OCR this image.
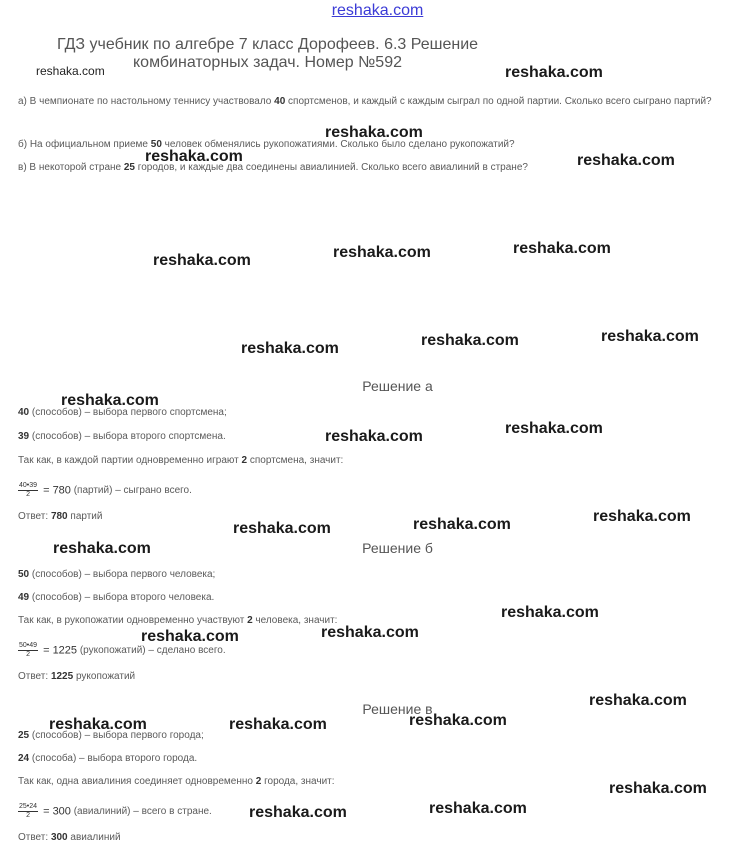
reshaka.com
ГДЗ учебник по алгебре 7 класс Дорофеев. 6.3 Решение
комбинаторных задач. Номер №592
а) В чемпионате по настольному теннису участвовало 40 спортсменов, и каждый с каждым сыграл по одной партии. Сколько всего сыграно партий?
б) На официальном приеме 50 человек обменялись рукопожатиями. Сколько было сделано рукопожатий?
в) В некоторой стране 25 городов, и каждые два соединены авиалинией. Сколько всего авиалиний в стране?
Решение а
40 (способов) – выбора первого спортсмена;
39 (способов) – выбора второго спортсмена.
Так как, в каждой партии одновременно играют 2 спортсмена, значит:
$\frac{40•39}{2} = 780$ (партий) – сыграно всего.
Ответ: 780 партий
Решение б
50 (способов) – выбора первого человека;
49 (способов) – выбора второго человека.
Так как, в рукопожатии одновременно участвуют 2 человека, значит:
$\frac{50•49}{2} = 1225$ (рукопожатий) – сделано всего.
Ответ: 1225 рукопожатий
Решение в
25 (способов) – выбора первого города;
24 (способа) – выбора второго города.
Так как, одна авиалиния соединяет одновременно 2 города, значит:
$\frac{25•24}{2} = 300$ (авиалиний) – всего в стране.
Ответ: 300 авиалиний
reshaka.com	reshaka.com
reshaka.com
reshaka.com	reshaka.com
reshaka.com	reshaka.com	reshaka.com
reshaka.com	reshaka.com	reshaka.com
reshaka.com
reshaka.com	reshaka.com
reshaka.com	reshaka.com	reshaka.com
reshaka.com
reshaka.com
reshaka.com	reshaka.com
reshaka.com
reshaka.com	reshaka.com	reshaka.com
reshaka.com
reshaka.com
reshaka.com
